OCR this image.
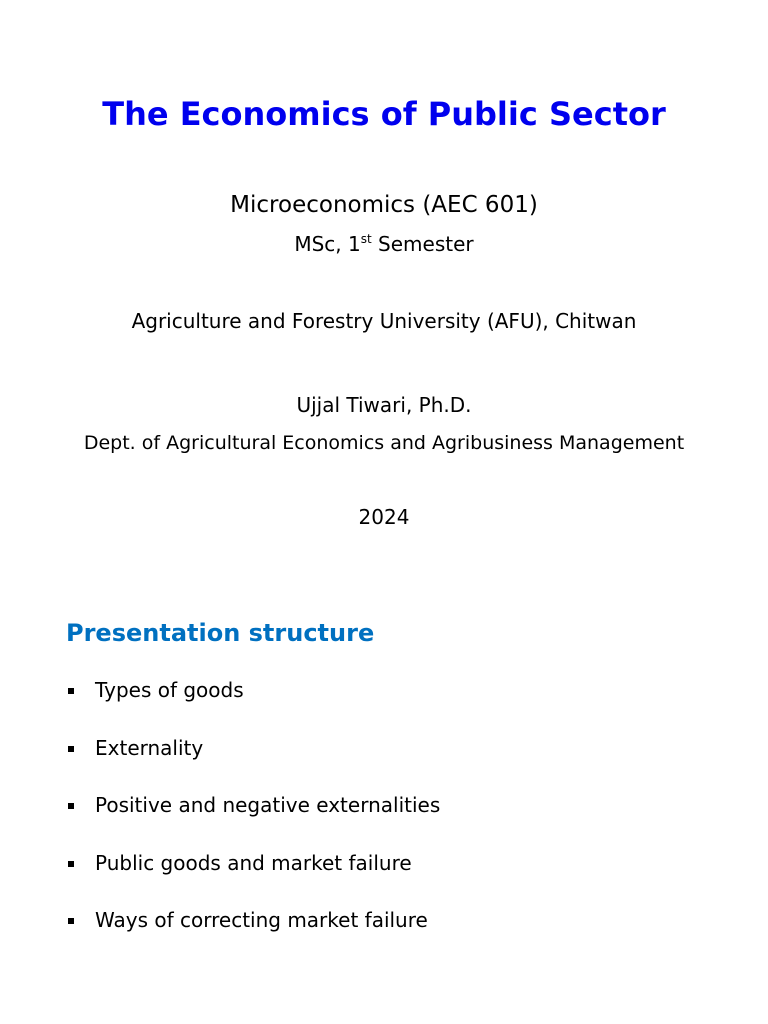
The Economics of Public Sector
Microeconomics (AEC 601)
MSc, 1st Semester
Agriculture and Forestry University (AFU), Chitwan
Ujjal Tiwari, Ph.D.
Dept. of Agricultural Economics and Agribusiness Management
2024
Presentation structure
Types of goods
Externality
Positive and negative externalities
Public goods and market failure
Ways of correcting market failure
